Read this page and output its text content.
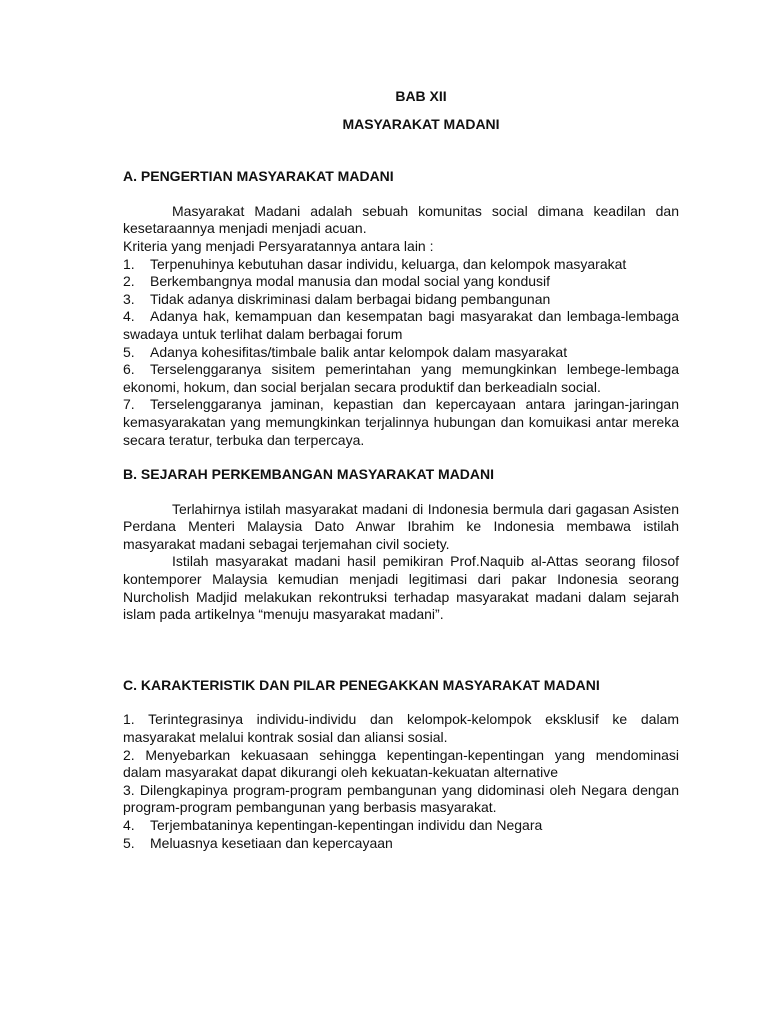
BAB XII

MASYARAKAT MADANI

A. PENGERTIAN MASYARAKAT MADANI

Masyarakat Madani adalah sebuah komunitas social dimana keadilan dan kesetaraannya menjadi menjadi acuan.

Kriteria yang menjadi Persyaratannya antara lain :

1. Terpenuhinya kebutuhan dasar individu, keluarga, dan kelompok masyarakat

2. Berkembangnya modal manusia dan modal social yang kondusif

3. Tidak adanya diskriminasi dalam berbagai bidang pembangunan

4. Adanya hak, kemampuan dan kesempatan bagi masyarakat dan lembaga-lembaga swadaya untuk terlihat dalam berbagai forum

5. Adanya kohesifitas/timbale balik antar kelompok dalam masyarakat

6. Terselenggaranya sisitem pemerintahan yang memungkinkan lembege-lembaga ekonomi, hokum, dan social berjalan secara produktif dan berkeadialn social.

7. Terselenggaranya jaminan, kepastian dan kepercayaan antara jaringan-jaringan kemasyarakatan yang memungkinkan terjalinnya hubungan dan komuikasi antar mereka secara teratur, terbuka dan terpercaya.

B. SEJARAH PERKEMBANGAN MASYARAKAT MADANI

Terlahirnya istilah masyarakat madani di Indonesia bermula dari gagasan Asisten Perdana Menteri Malaysia Dato Anwar Ibrahim ke Indonesia membawa istilah masyarakat madani sebagai terjemahan civil society.

Istilah masyarakat madani hasil pemikiran Prof.Naquib al-Attas seorang filosof kontemporer Malaysia kemudian menjadi legitimasi dari pakar Indonesia seorang Nurcholish Madjid melakukan rekontruksi terhadap masyarakat madani dalam sejarah islam pada artikelnya “menuju masyarakat madani”.

C. KARAKTERISTIK DAN PILAR PENEGAKKAN MASYARAKAT MADANI

1. Terintegrasinya individu-individu dan kelompok-kelompok eksklusif ke dalam masyarakat melalui kontrak sosial dan aliansi sosial.

2. Menyebarkan kekuasaan sehingga kepentingan-kepentingan yang mendominasi dalam masyarakat dapat dikurangi oleh kekuatan-kekuatan alternative

3. Dilengkapinya program-program pembangunan yang didominasi oleh Negara dengan program-program pembangunan yang berbasis masyarakat.

4. Terjembataninya kepentingan-kepentingan individu dan Negara

5. Meluasnya kesetiaan dan kepercayaan
